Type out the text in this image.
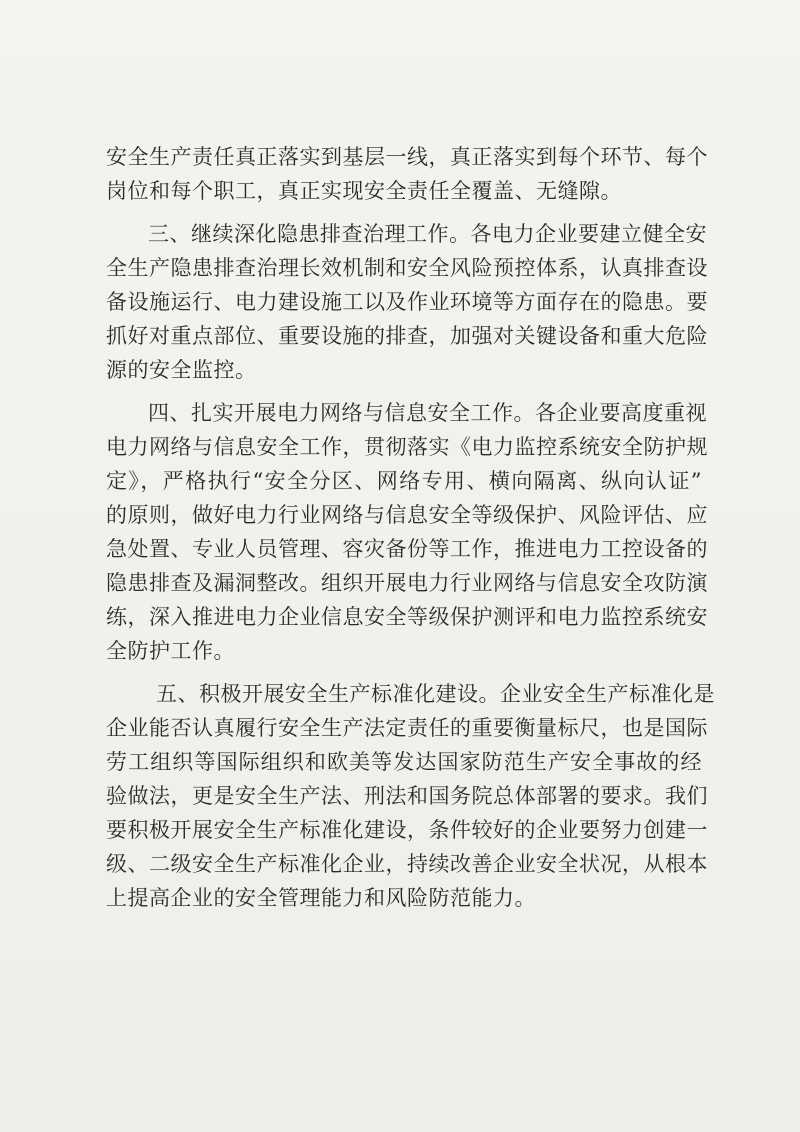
安全生产责任真正落实到基层一线，真正落实到每个环节、每个
岗位和每个职工，真正实现安全责任全覆盖、无缝隙。
三、继续深化隐患排查治理工作。各电力企业要建立健全安
全生产隐患排查治理长效机制和安全风险预控体系，认真排查设
备设施运行、电力建设施工以及作业环境等方面存在的隐患。要
抓好对重点部位、重要设施的排查，加强对关键设备和重大危险
源的安全监控。
四、扎实开展电力网络与信息安全工作。各企业要高度重视
电力网络与信息安全工作，贯彻落实《电力监控系统安全防护规
定》，严格执行“安全分区、网络专用、横向隔离、纵向认证”
的原则，做好电力行业网络与信息安全等级保护、风险评估、应
急处置、专业人员管理、容灾备份等工作，推进电力工控设备的
隐患排查及漏洞整改。组织开展电力行业网络与信息安全攻防演
练，深入推进电力企业信息安全等级保护测评和电力监控系统安
全防护工作。
五、积极开展安全生产标准化建设。企业安全生产标准化是
企业能否认真履行安全生产法定责任的重要衡量标尺，也是国际
劳工组织等国际组织和欧美等发达国家防范生产安全事故的经
验做法，更是安全生产法、刑法和国务院总体部署的要求。我们
要积极开展安全生产标准化建设，条件较好的企业要努力创建一
级、二级安全生产标准化企业，持续改善企业安全状况，从根本
上提高企业的安全管理能力和风险防范能力。
